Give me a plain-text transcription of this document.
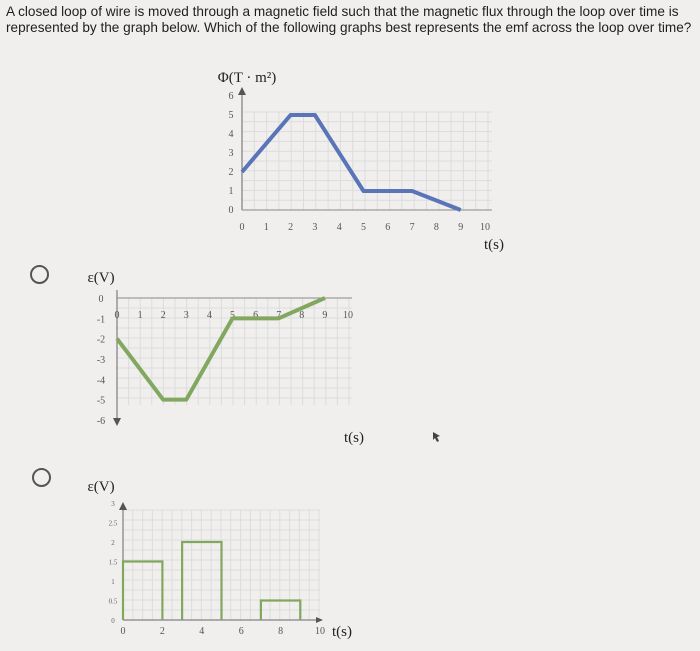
A closed loop of wire is moved through a magnetic field such that the magnetic flux through the loop over time is represented by the graph below. Which of the following graphs best represents the emf across the loop over time?
Φ(T · m²)
0
1
2
3
4
5
6
0 1 2 3 4 5 6 7 8 9 10
t(s)
ε(V)
0
-1
-2
-3
-4
-5
-6
0 1 2 3 4 5 6 7 8 9 10
t(s)
ε(V)
3
2.5
2
1.5
1
0.5
0
0	2	4	6	8	10 t(s)
